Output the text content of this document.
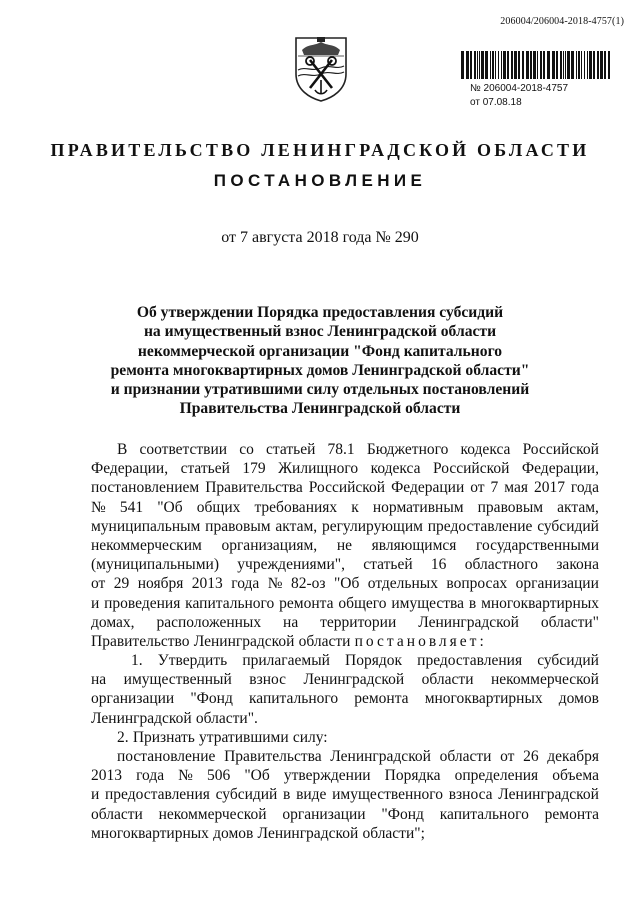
206004/206004-2018-4757(1)
№ 206004-2018-4757
от 07.08.18
ПРАВИТЕЛЬСТВО ЛЕНИНГРАДСКОЙ ОБЛАСТИ
ПОСТАНОВЛЕНИЕ
от 7 августа 2018 года № 290
Об утверждении Порядка предоставления субсидий
на имущественный взнос Ленинградской области
некоммерческой организации "Фонд капитального
ремонта многоквартирных домов Ленинградской области"
и признании утратившими силу отдельных постановлений
Правительства Ленинградской области
В соответствии со статьей 78.1 Бюджетного кодекса Российской
Федерации, статьей 179 Жилищного кодекса Российской Федерации,
постановлением Правительства Российской Федерации от 7 мая 2017 года
№ 541 "Об общих требованиях к нормативным правовым актам,
муниципальным правовым актам, регулирующим предоставление субсидий
некоммерческим организациям, не являющимся государственными
(муниципальными) учреждениями", статьей 16 областного закона
от 29 ноября 2013 года № 82-оз "Об отдельных вопросах организации
и проведения капитального ремонта общего имущества в многоквартирных
домах, расположенных на территории Ленинградской области"
Правительство Ленинградской области постановляет:
1. Утвердить прилагаемый Порядок предоставления субсидий
на имущественный взнос Ленинградской области некоммерческой
организации "Фонд капитального ремонта многоквартирных домов
Ленинградской области".
2. Признать утратившими силу:
постановление Правительства Ленинградской области от 26 декабря
2013 года № 506 "Об утверждении Порядка определения объема
и предоставления субсидий в виде имущественного взноса Ленинградской
области некоммерческой организации "Фонд капитального ремонта
многоквартирных домов Ленинградской области";
